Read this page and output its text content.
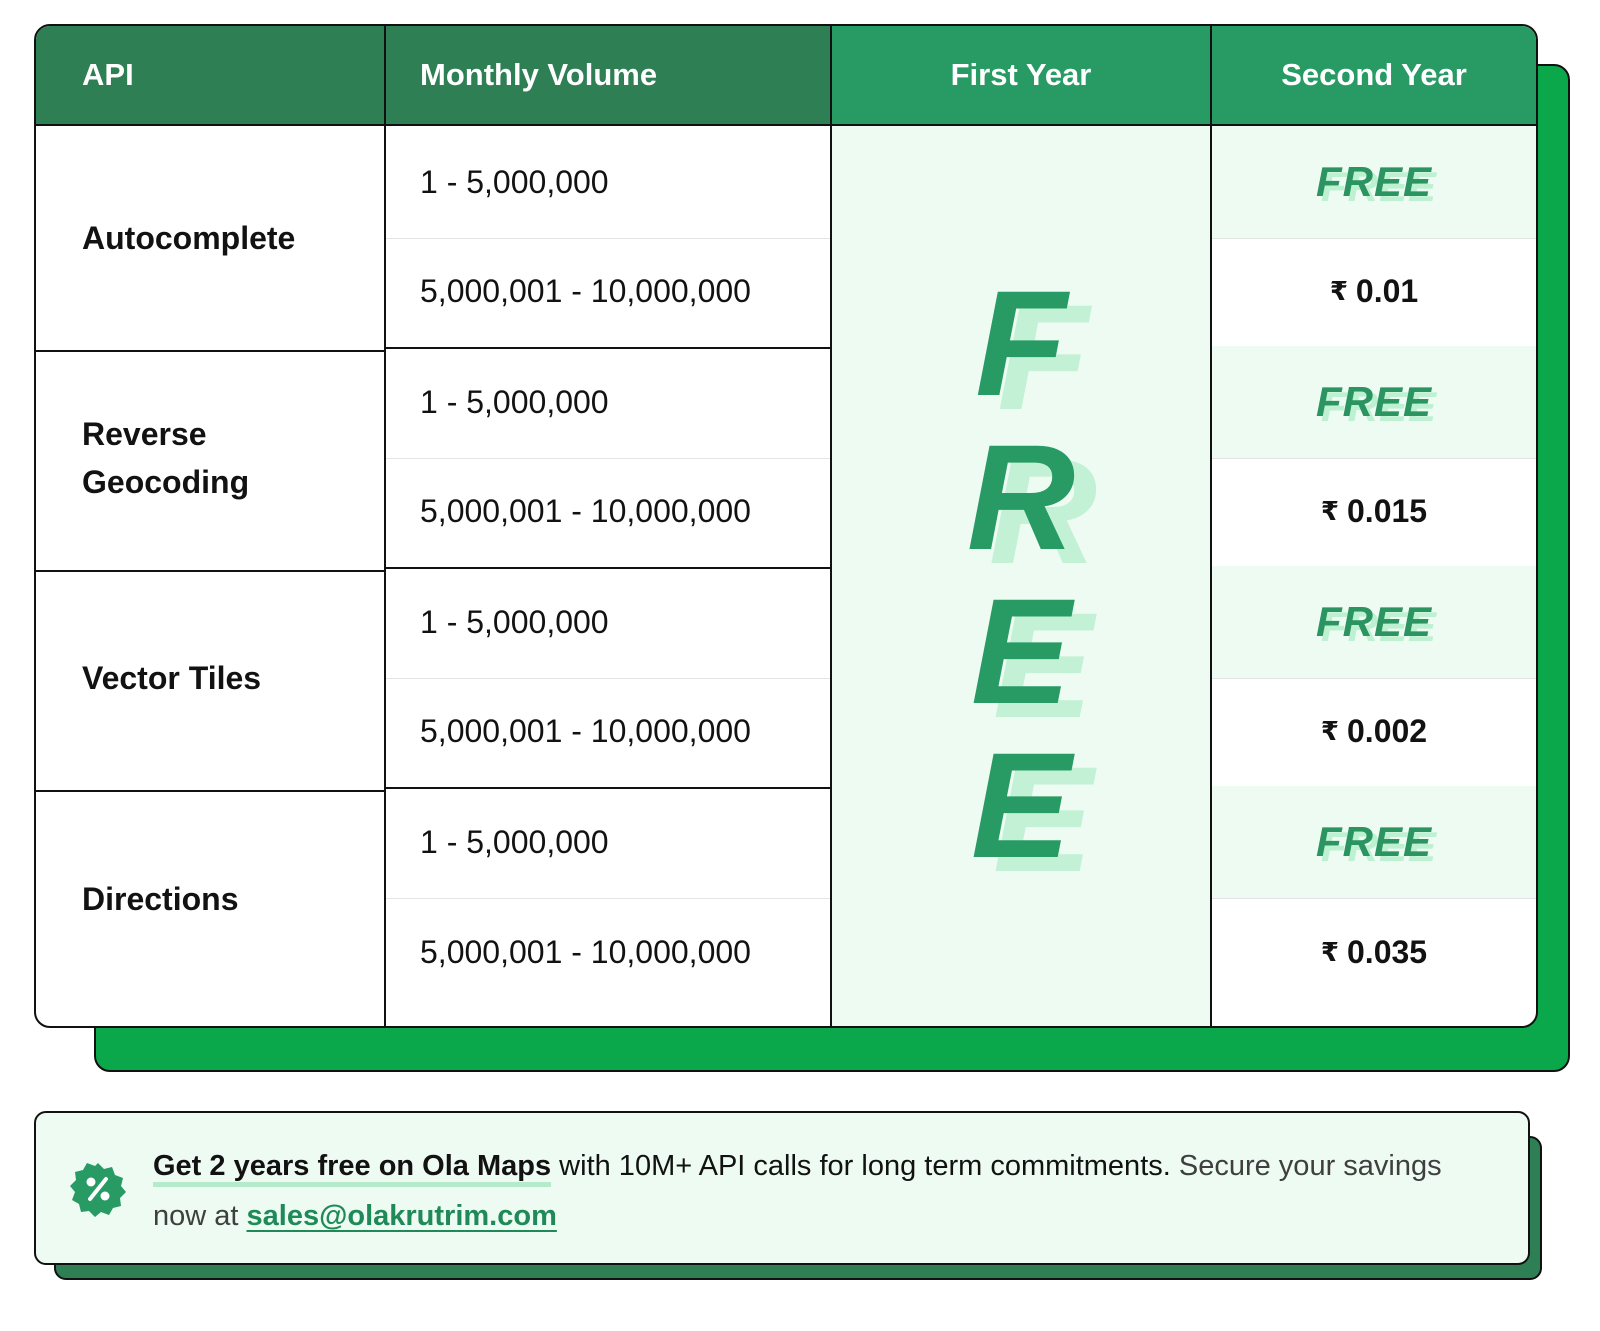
API
Autocomplete
Reverse Geocoding
Vector Tiles
Directions
Monthly Volume
1 - 5,000,000
5,000,001 - 10,000,000
1 - 5,000,000
5,000,001 - 10,000,000
1 - 5,000,000
5,000,001 - 10,000,000
1 - 5,000,000
5,000,001 - 10,000,000
First Year
F
R
E
E
Second Year
FREE
₹ 0.01
FREE
₹ 0.015
FREE
₹ 0.002
FREE
₹ 0.035
Get 2 years free on Ola Maps with 10M+ API calls for long term commitments. Secure your savings now at sales@olakrutrim.com
